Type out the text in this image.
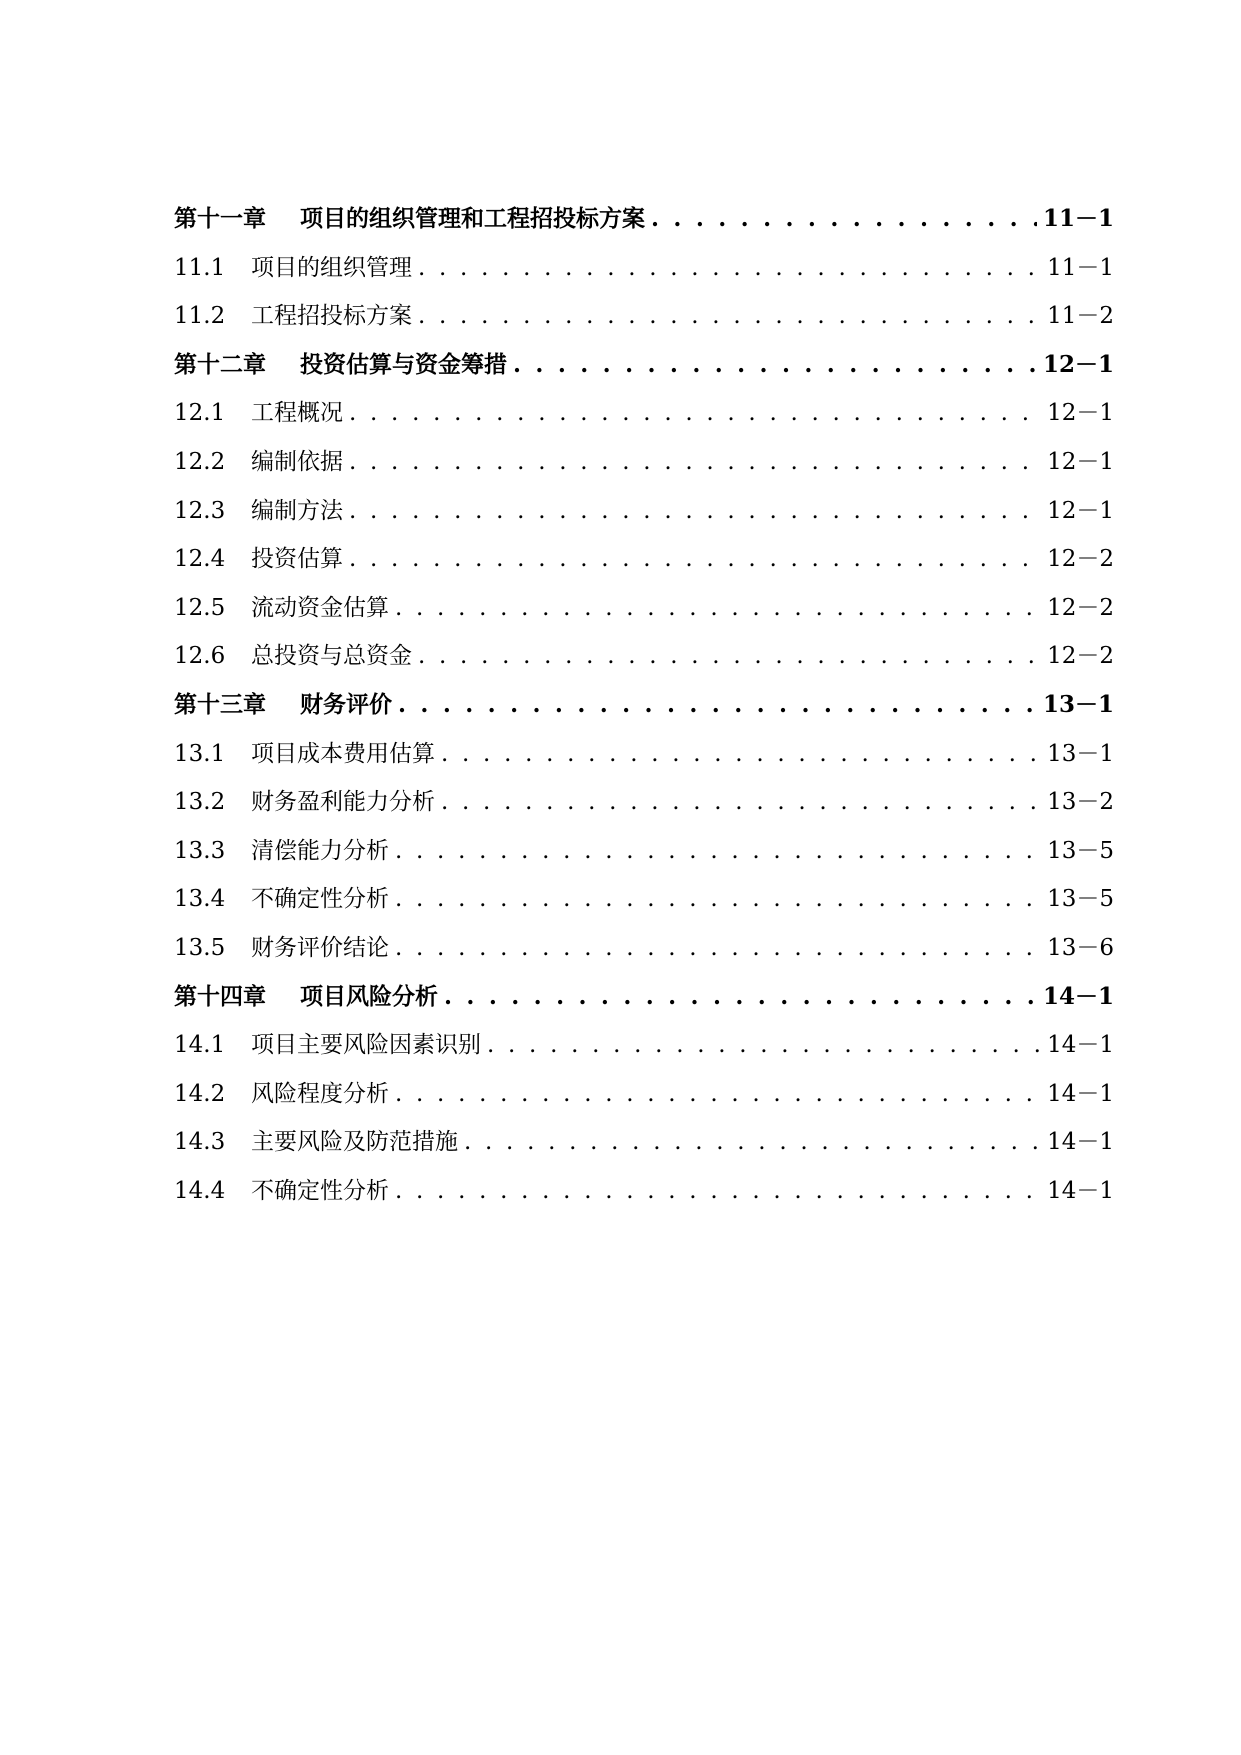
第十一章	项目的组织管理和工程招投标方案 . . .	11－1
11.1	项目的组织管理 . . .	11－1
11.2	工程招投标方案 . . .	11－2
第十二章	投资估算与资金筹措 . . .	12－1
12.1	工程概况 . . .	12－1
12.2	编制依据 . . .	12－1
12.3	编制方法 . . .	12－1
12.4	投资估算 . . .	12－2
12.5	流动资金估算 . . .	12－2
12.6	总投资与总资金 . . .	12－2
第十三章	财务评价 . . .	13－1
13.1	项目成本费用估算 . . .	13－1
13.2	财务盈利能力分析 . . .	13－2
13.3	清偿能力分析 . . .	13－5
13.4	不确定性分析 . . .	13－5
13.5	财务评价结论 . . .	13－6
第十四章	项目风险分析 . . .	14－1
14.1	项目主要风险因素识别 . . .	14－1
14.2	风险程度分析 . . .	14－1
14.3	主要风险及防范措施 . . .	14－1
14.4	不确定性分析 . . .	14－1
